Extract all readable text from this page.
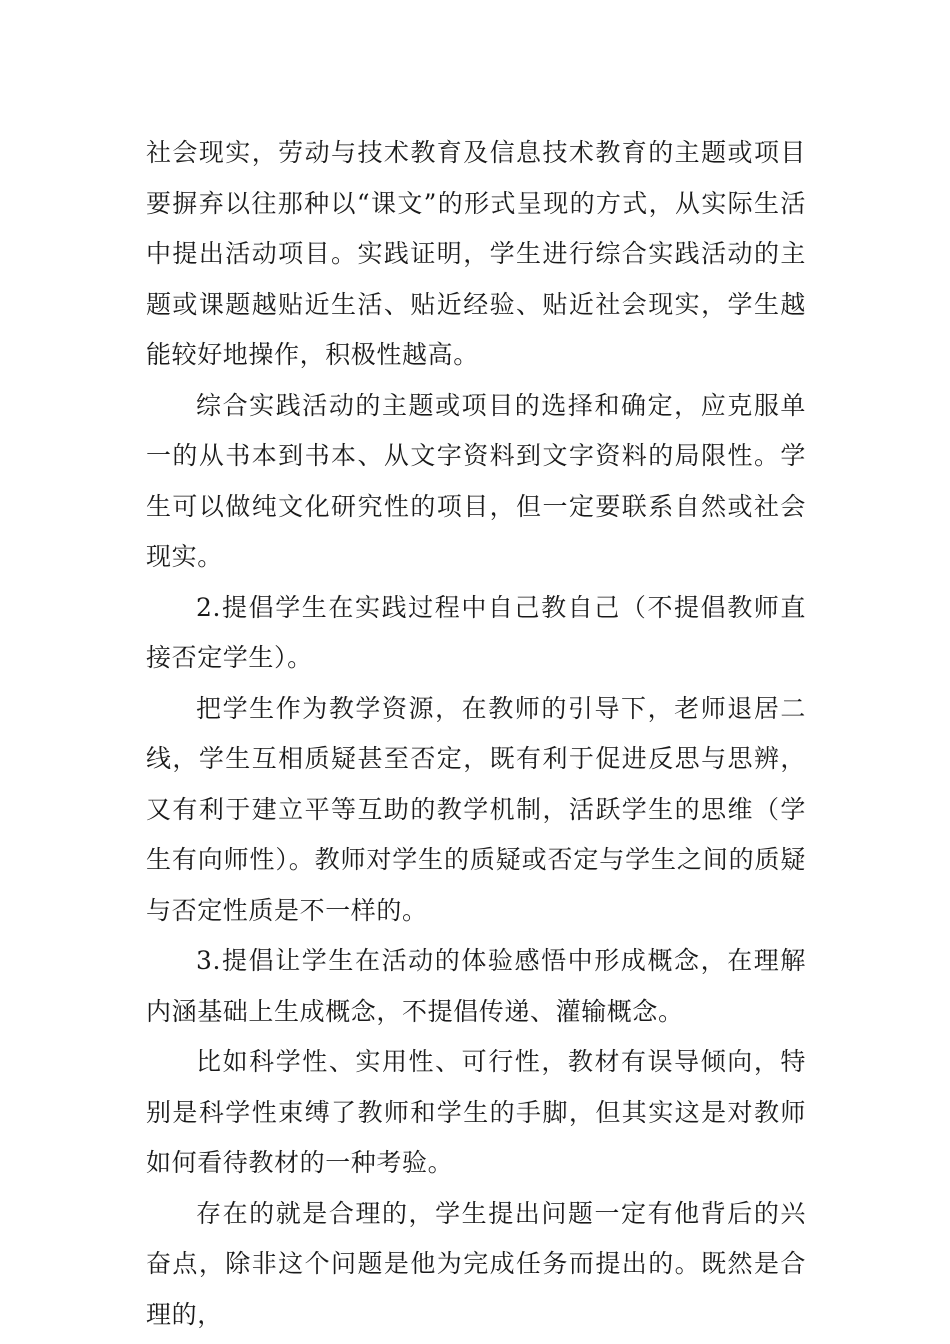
社会现实，劳动与技术教育及信息技术教育的主题或项目要摒弃以往那种以“课文”的形式呈现的方式，从实际生活中提出活动项目。实践证明，学生进行综合实践活动的主题或课题越贴近生活、贴近经验、贴近社会现实，学生越能较好地操作，积极性越高。

综合实践活动的主题或项目的选择和确定，应克服单一的从书本到书本、从文字资料到文字资料的局限性。学生可以做纯文化研究性的项目，但一定要联系自然或社会现实。

2.提倡学生在实践过程中自己教自己（不提倡教师直接否定学生）。

把学生作为教学资源，在教师的引导下，老师退居二线，学生互相质疑甚至否定，既有利于促进反思与思辨，又有利于建立平等互助的教学机制，活跃学生的思维（学生有向师性）。教师对学生的质疑或否定与学生之间的质疑与否定性质是不一样的。

3.提倡让学生在活动的体验感悟中形成概念，在理解内涵基础上生成概念，不提倡传递、灌输概念。

比如科学性、实用性、可行性，教材有误导倾向，特别是科学性束缚了教师和学生的手脚，但其实这是对教师如何看待教材的一种考验。

存在的就是合理的，学生提出问题一定有他背后的兴奋点，除非这个问题是他为完成任务而提出的。既然是合理的，
